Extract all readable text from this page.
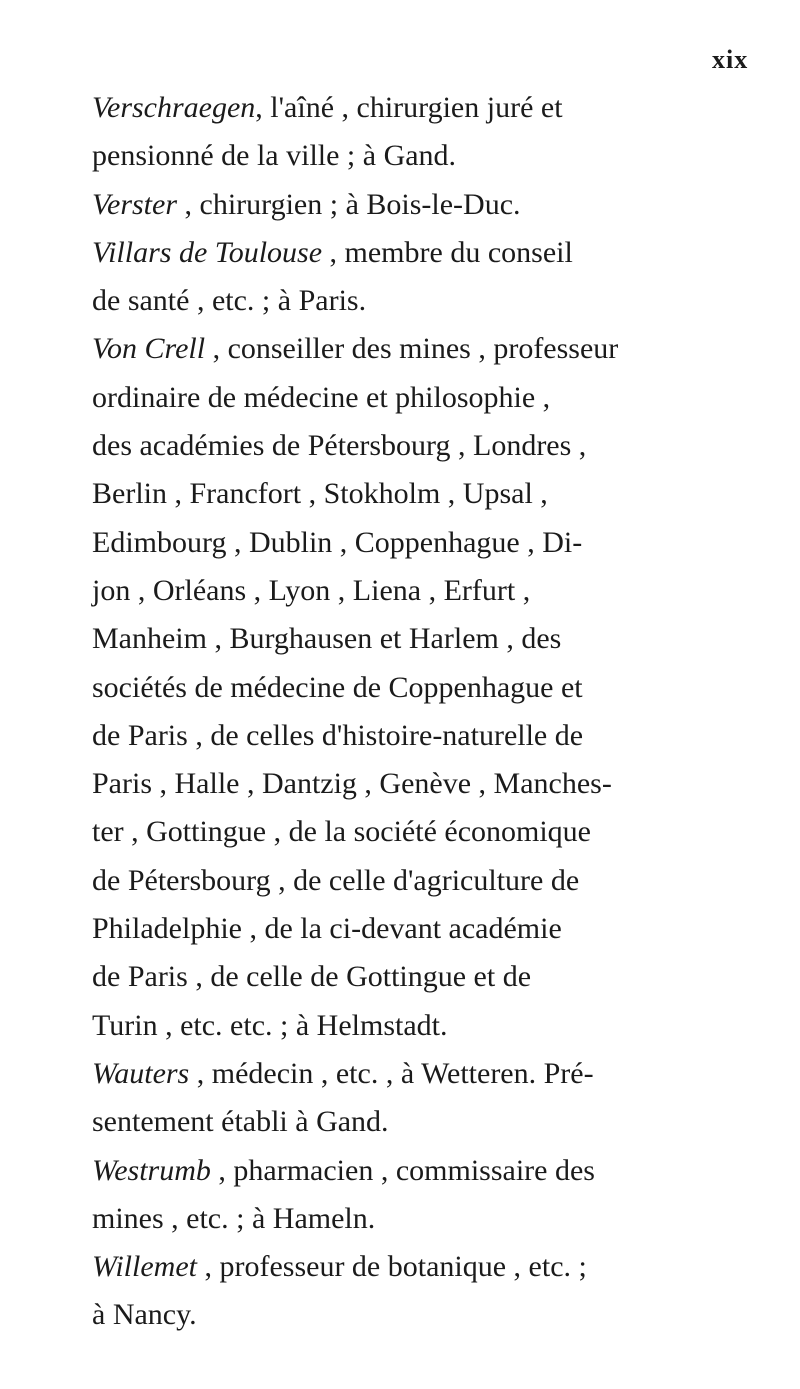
xix
Verschraegen, l'aîné , chirurgien juré et
pensionné de la ville ; à Gand.
Verster , chirurgien ; à Bois-le-Duc.
Villars de Toulouse , membre du conseil
de santé , etc. ; à Paris.
Von Crell , conseiller des mines , professeur
ordinaire de médecine et philosophie ,
des académies de Pétersbourg , Londres ,
Berlin , Francfort , Stokholm , Upsal ,
Edimbourg , Dublin , Coppenhague , Di-
jon , Orléans , Lyon , Liena , Erfurt ,
Manheim , Burghausen et Harlem , des
sociétés de médecine de Coppenhague et
de Paris , de celles d'histoire-naturelle de
Paris , Halle , Dantzig , Genève , Manches-
ter , Gottingue , de la société économique
de Pétersbourg , de celle d'agriculture de
Philadelphie , de la ci-devant académie
de Paris , de celle de Gottingue et de
Turin , etc. etc. ; à Helmstadt.
Wauters , médecin , etc. , à Wetteren. Pré-
sentement établi à Gand.
Westrumb , pharmacien , commissaire des
mines , etc. ; à Hameln.
Willemet , professeur de botanique , etc. ;
à Nancy.
